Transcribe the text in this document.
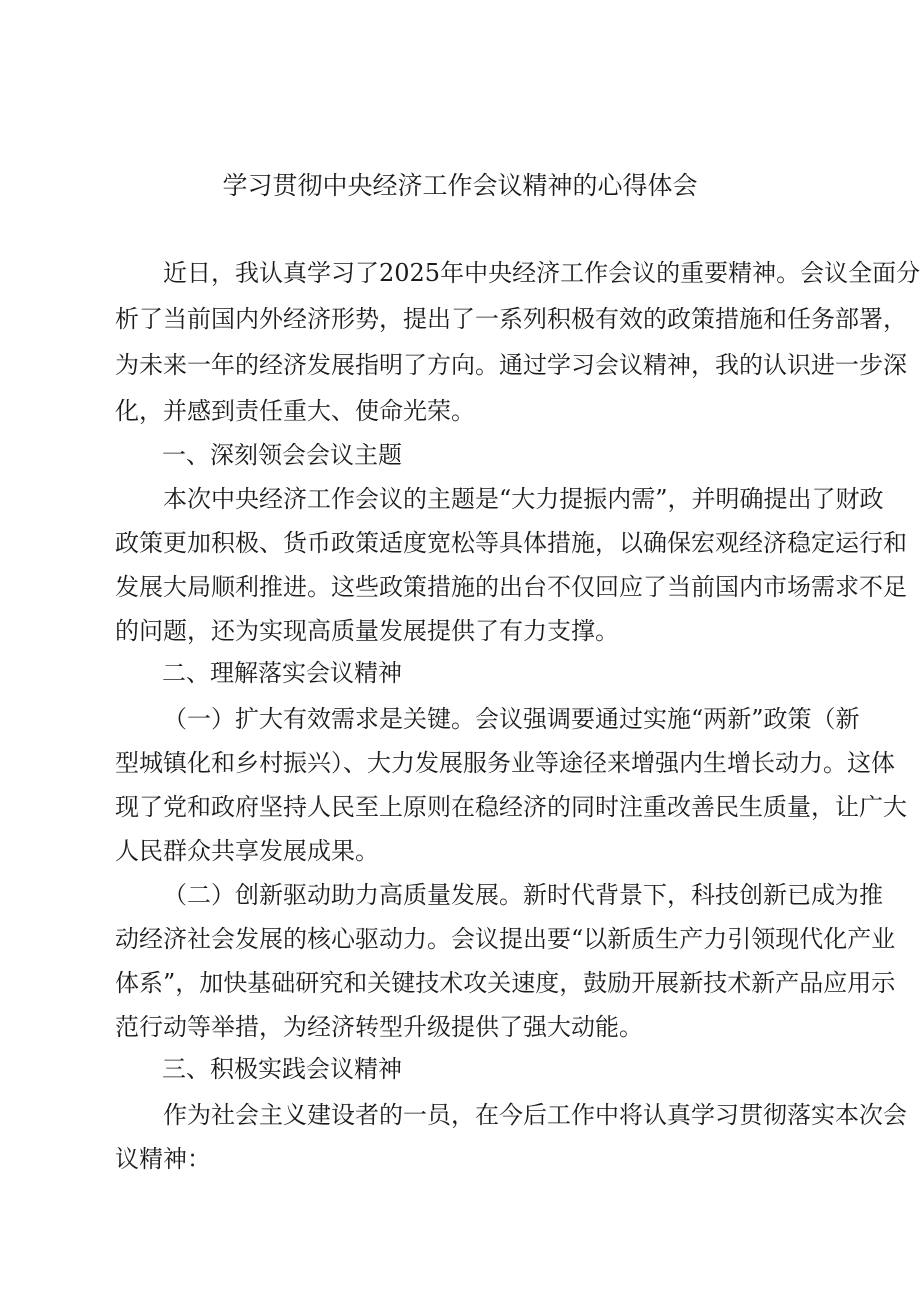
学习贯彻中央经济工作会议精神的心得体会
近日，我认真学习了2025年中央经济工作会议的重要精神。会议全面分
析了当前国内外经济形势，提出了一系列积极有效的政策措施和任务部署，
为未来一年的经济发展指明了方向。通过学习会议精神，我的认识进一步深
化，并感到责任重大、使命光荣。
一、深刻领会会议主题
本次中央经济工作会议的主题是“大力提振内需”，并明确提出了财政
政策更加积极、货币政策适度宽松等具体措施，以确保宏观经济稳定运行和
发展大局顺利推进。这些政策措施的出台不仅回应了当前国内市场需求不足
的问题，还为实现高质量发展提供了有力支撑。
二、理解落实会议精神
（一）扩大有效需求是关键。会议强调要通过实施“两新”政策（新
型城镇化和乡村振兴）、大力发展服务业等途径来增强内生增长动力。这体
现了党和政府坚持人民至上原则在稳经济的同时注重改善民生质量，让广大
人民群众共享发展成果。
（二）创新驱动助力高质量发展。新时代背景下，科技创新已成为推
动经济社会发展的核心驱动力。会议提出要“以新质生产力引领现代化产业
体系”，加快基础研究和关键技术攻关速度，鼓励开展新技术新产品应用示
范行动等举措，为经济转型升级提供了强大动能。
三、积极实践会议精神
作为社会主义建设者的一员，在今后工作中将认真学习贯彻落实本次会
议精神：
